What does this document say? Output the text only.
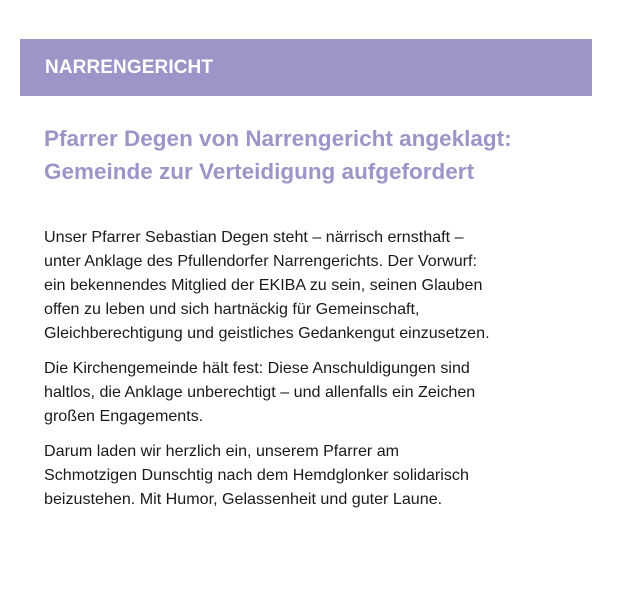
NARRENGERICHT
Pfarrer Degen von Narrengericht angeklagt:
Gemeinde zur Verteidigung aufgefordert

Unser Pfarrer Sebastian Degen steht – närrisch ernsthaft –
unter Anklage des Pfullendorfer Narrengerichts. Der Vorwurf:
ein bekennendes Mitglied der EKIBA zu sein, seinen Glauben
offen zu leben und sich hartnäckig für Gemeinschaft,
Gleichberechtigung und geistliches Gedankengut einzusetzen.

Die Kirchengemeinde hält fest: Diese Anschuldigungen sind
haltlos, die Anklage unberechtigt – und allenfalls ein Zeichen
großen Engagements.

Darum laden wir herzlich ein, unserem Pfarrer am
Schmotzigen Dunschtig nach dem Hemdglonker solidarisch
beizustehen. Mit Humor, Gelassenheit und guter Laune.
